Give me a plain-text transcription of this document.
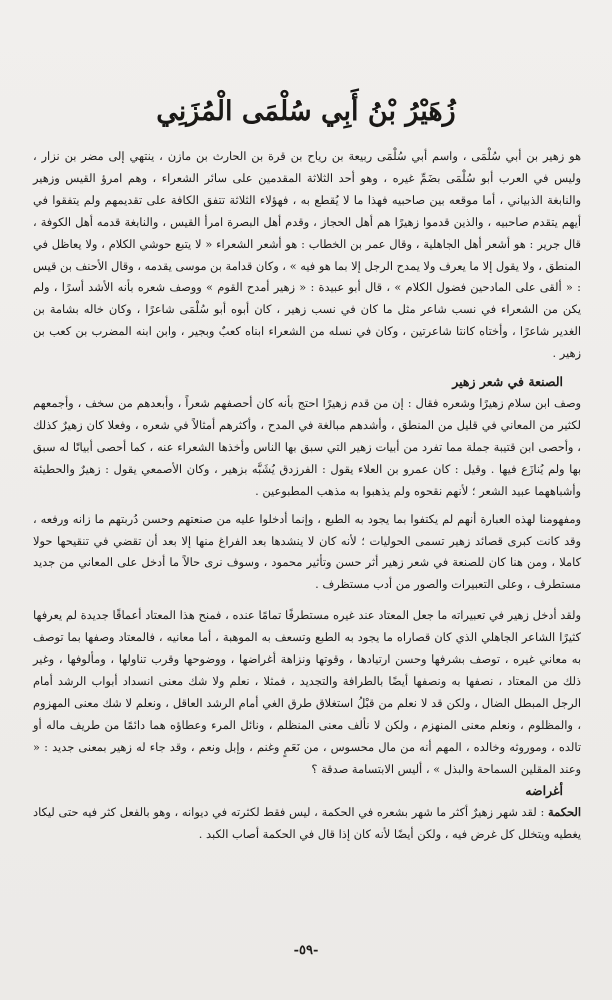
زُهَيْرُ بْنُ أَبِي سُلْمَى الْمُزَنِي

هو زهير بن أبي سُلْمَى ، واسم أبي سُلْمَى ربيعة بن رياح بن قرة بن الحارث بن مازن ، ينتهي إلى مضر بن نزار ، وليس في العرب أبو سُلْمَى بضَمِّ غيره ، وهو أحد الثلاثة المقدمين على سائر الشعراء ، وهم امرؤ القيس وزهير والنابغة الذبياني ، أما موقعه بين صاحبيه فهذا ما لا يُقطع به ، فهؤلاء الثلاثة تتفق الكافة على تقديمهم ولم يتفقوا في أيهم يتقدم صاحبيه ، والذين قدموا زهيرًا هم أهل الحجاز ، وقدم أهل البصرة امرأ القيس ، والنابغة قدمه أهل الكوفة ، قال جرير : هو أشعر أهل الجاهلية ، وقال عمر بن الخطاب : هو أشعر الشعراء « لا يتبع حوشي الكلام ، ولا يعاظل في المنطق ، ولا يقول إلا ما يعرف ولا يمدح الرجل إلا بما هو فيه » ، وكان قدامة بن موسى يقدمه ، وقال الأحنف بن قيس : « ألقى على المادحين فضول الكلام » ، قال أبو عبيدة : « زهير أمدح القوم » ووصف شعره بأنه الأشد أسرًا ، ولم يكن من الشعراء في نسب شاعر مثل ما كان في نسب زهير ، كان أبوه أبو سُلْمَى شاعرًا ، وكان خاله بشامة بن الغدير شاعرًا ، وأختاه كانتا شاعرتين ، وكان في نسله من الشعراء ابناه كعبٌ وبجير ، وابن ابنه المضرب بن كعب بن زهير .

الصنعة في شعر زهير

وصف ابن سلام زهيرًا وشعره فقال : إن من قدم زهيرًا احتج بأنه كان أحصفهم شعراً ، وأبعدهم من سخف ، وأجمعهم لكثير من المعاني في قليل من المنطق ، وأشدهم مبالغة في المدح ، وأكثرهم أمثالاً في شعره ، وفعلا كان زهيرٌ كذلك ، وأحصى ابن قتيبة جملة مما تفرد من أبيات زهير التي سبق بها الناس وأخذها الشعراء عنه ، كما أحصى أبياتًا له سبق بها ولم يُنازَع فيها . وقيل : كان عمرو بن العلاء يقول : الفرزدق يُشَبَّه بزهير ، وكان الأصمعي يقول : زهيرٌ والحطيئة وأشباههما عبيد الشعر ؛ لأنهم نقحوه ولم يذهبوا به مذهب المطبوعين .

ومفهومنا لهذه العبارة أنهم لم يكتفوا بما يجود به الطبع ، وإنما أدخلوا عليه من صنعتهم وحسن دُربتهم ما زانه ورفعه ، وقد كانت كبرى قصائد زهير تسمى الحوليات ؛ لأنه كان لا ينشدها بعد الفراغ منها إلا بعد أن تقضي في تنقيحها حولا كاملا ، ومن هنا كان للصنعة في شعر زهير أثر حسن وتأثير محمود ، وسوف نرى حالاً ما أدخل على المعاني من جديد مستطرف ، وعلى التعبيرات والصور من أدب مستظرف .

ولقد أدخل زهير في تعبيراته ما جعل المعتاد عند غيره مستطرفًا تمامًا عنده ، فمنح هذا المعتاد أعماقًا جديدة لم يعرفها كثيرًا الشاعر الجاهلي الذي كان قصاراه ما يجود به الطبع وتسعف به الموهبة ، أما معانيه ، فالمعتاد وصفها بما توصف به معاني غيره ، توصف بشرفها وحسن ارتيادها ، وقوتها ونزاهة أغراضها ، ووضوحها وقرب تناولها ، ومألوفها ، وغير ذلك من المعتاد ، نصفها به ونصفها أيضًا بالطرافة والتجديد ، فمثلا ، نعلم ولا شك معنى انسداد أبواب الرشد أمام الرجل المبطل الضال ، ولكن قد لا نعلم من قبْلُ استغلاق طرق الغي أمام الرشد العاقل ، ونعلم لا شك معنى المهزوم ، والمظلوم ، ونعلم معنى المنهزم ، ولكن لا نألف معنى المنظلم ، ونائل المرء وعطاؤه هما دائمًا من طريف ماله أو تالده ، وموروثه وخالده ، المهم أنه من مال محسوس ، من نَعَمٍ وغنم ، وإبل ونعم ، وقد جاء له زهير بمعنى جديد : « وعند المقلين السماحة والبذل » ، أليس الابتسامة صدقة ؟

أغراضه

الحكمة : لقد شهر زهيرٌ أكثر ما شهر بشعره في الحكمة ، ليس فقط لكثرته في ديوانه ، وهو بالفعل كثر فيه حتى ليكاد يغطيه ويتخلل كل غرض فيه ، ولكن أيضًا لأنه كان إذا قال في الحكمة أصاب الكبد .

-٥٩-
